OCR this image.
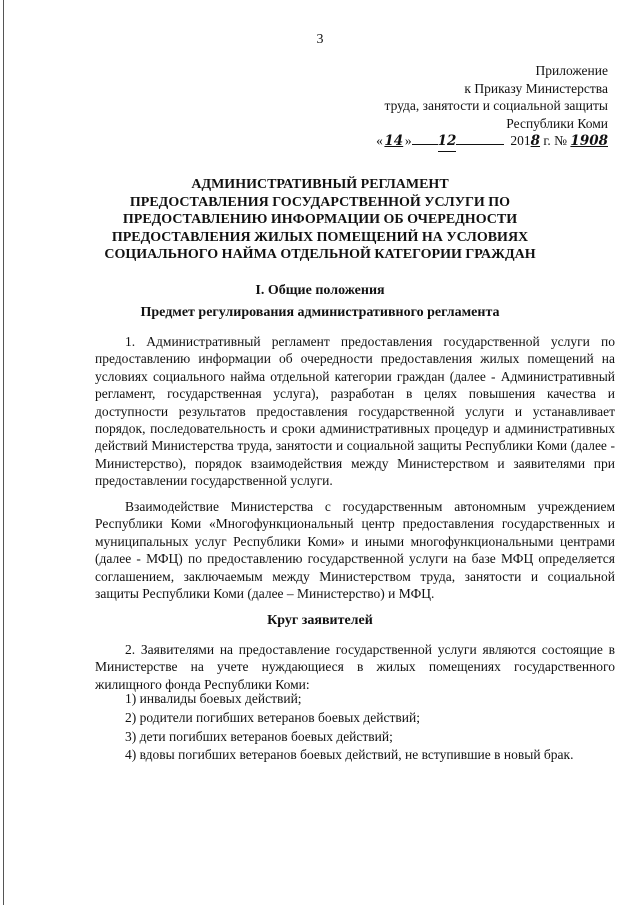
3
Приложение
к Приказу Министерства
труда, занятости и социальной защиты
Республики Коми
« 14 » 12	201 8 г. № 1908
АДМИНИСТРАТИВНЫЙ РЕГЛАМЕНТ
ПРЕДОСТАВЛЕНИЯ ГОСУДАРСТВЕННОЙ УСЛУГИ ПО
ПРЕДОСТАВЛЕНИЮ ИНФОРМАЦИИ ОБ ОЧЕРЕДНОСТИ
ПРЕДОСТАВЛЕНИЯ ЖИЛЫХ ПОМЕЩЕНИЙ НА УСЛОВИЯХ
СОЦИАЛЬНОГО НАЙМА ОТДЕЛЬНОЙ КАТЕГОРИИ ГРАЖДАН
I. Общие положения
Предмет регулирования административного регламента

1. Административный регламент предоставления государственной услуги по предоставлению информации об очередности предоставления жилых помещений на условиях социального найма отдельной категории граждан (далее - Административный регламент, государственная услуга), разработан в целях повышения качества и доступности результатов предоставления государственной услуги и устанавливает порядок, последовательность и сроки административных процедур и административных действий Министерства труда, занятости и социальной защиты Республики Коми (далее - Министерство), порядок взаимодействия между Министерством и заявителями при предоставлении государственной услуги.

Взаимодействие Министерства с государственным автономным учреждением Республики Коми «Многофункциональный центр предоставления государственных и муниципальных услуг Республики Коми» и иными многофункциональными центрами (далее - МФЦ) по предоставлению государственной услуги на базе МФЦ определяется соглашением, заключаемым между Министерством труда, занятости и социальной защиты Республики Коми (далее – Министерство) и МФЦ.

Круг заявителей

2. Заявителями на предоставление государственной услуги являются состоящие в Министерстве на учете нуждающиеся в жилых помещениях государственного жилищного фонда Республики Коми:

1) инвалиды боевых действий;
2) родители погибших ветеранов боевых действий;
3) дети погибших ветеранов боевых действий;
4) вдовы погибших ветеранов боевых действий, не вступившие в новый брак.
